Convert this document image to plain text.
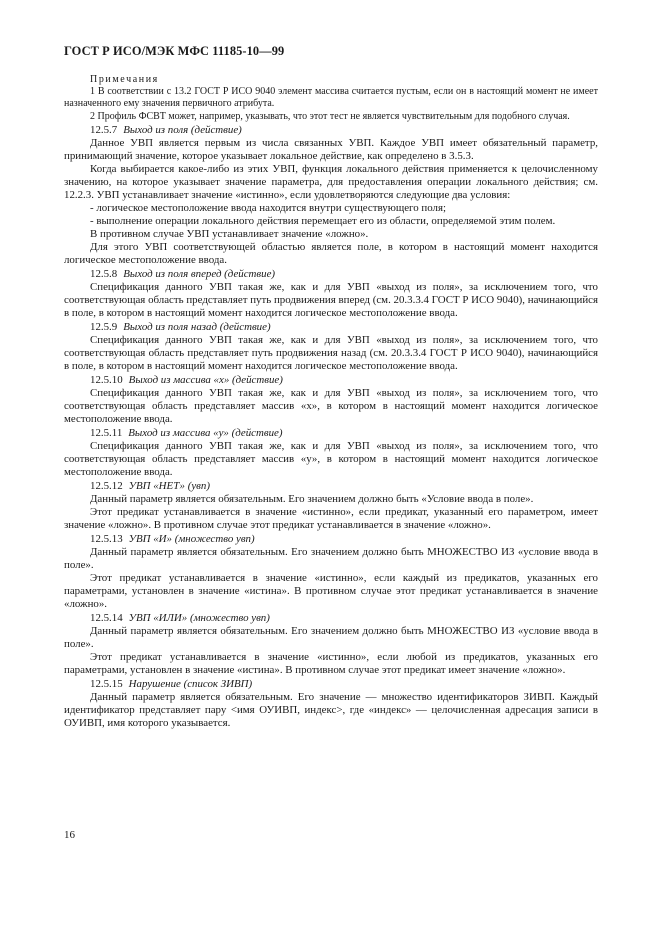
ГОСТ Р ИСО/МЭК МФС 11185-10—99

Примечания

1 В соответствии с 13.2 ГОСТ Р ИСО 9040 элемент массива считается пустым, если он в настоящий момент не имеет назначенного ему значения первичного атрибута.

2 Профиль ФСВТ может, например, указывать, что этот тест не является чувствительным для подобного случая.

12.5.7 Выход из поля (действие)

Данное УВП является первым из числа связанных УВП. Каждое УВП имеет обязательный параметр, принимающий значение, которое указывает локальное действие, как определено в 3.5.3.

Когда выбирается какое-либо из этих УВП, функция локального действия применяется к целочисленному значению, на которое указывает значение параметра, для предоставления операции локального действия; см. 12.2.3. УВП устанавливает значение «истинно», если удовлетворяются следующие два условия:

- логическое местоположение ввода находится внутри существующего поля;

- выполнение операции локального действия перемещает его из области, определяемой этим полем.

В противном случае УВП устанавливает значение «ложно».

Для этого УВП соответствующей областью является поле, в котором в настоящий момент находится логическое местоположение ввода.

12.5.8 Выход из поля вперед (действие)

Спецификация данного УВП такая же, как и для УВП «выход из поля», за исключением того, что соответствующая область представляет путь продвижения вперед (см. 20.3.3.4 ГОСТ Р ИСО 9040), начинающийся в поле, в котором в настоящий момент находится логическое местоположение ввода.

12.5.9 Выход из поля назад (действие)

Спецификация данного УВП такая же, как и для УВП «выход из поля», за исключением того, что соответствующая область представляет путь продвижения назад (см. 20.3.3.4 ГОСТ Р ИСО 9040), начинающийся в поле, в котором в настоящий момент находится логическое местоположение ввода.

12.5.10 Выход из массива «х» (действие)

Спецификация данного УВП такая же, как и для УВП «выход из поля», за исключением того, что соответствующая область представляет массив «х», в котором в настоящий момент находится логическое местоположение ввода.

12.5.11 Выход из массива «у» (действие)

Спецификация данного УВП такая же, как и для УВП «выход из поля», за исключением того, что соответствующая область представляет массив «у», в котором в настоящий момент находится логическое местоположение ввода.

12.5.12 УВП «НЕТ» (увп)

Данный параметр является обязательным. Его значением должно быть «Условие ввода в поле».

Этот предикат устанавливается в значение «истинно», если предикат, указанный его параметром, имеет значение «ложно». В противном случае этот предикат устанавливается в значение «ложно».

12.5.13 УВП «И» (множество увп)

Данный параметр является обязательным. Его значением должно быть МНОЖЕСТВО ИЗ «условие ввода в поле».

Этот предикат устанавливается в значение «истинно», если каждый из предикатов, указанных его параметрами, установлен в значение «истина». В противном случае этот предикат устанавливается в значение «ложно».

12.5.14 УВП «ИЛИ» (множество увп)

Данный параметр является обязательным. Его значением должно быть МНОЖЕСТВО ИЗ «условие ввода в поле».

Этот предикат устанавливается в значение «истинно», если любой из предикатов, указанных его параметрами, установлен в значение «истина». В противном случае этот предикат имеет значение «ложно».

12.5.15 Нарушение (список ЗИВП)

Данный параметр является обязательным. Его значение — множество идентификаторов ЗИВП. Каждый идентификатор представляет пару <имя ОУИВП, индекс>, где «индекс» — целочисленная адресация записи в ОУИВП, имя которого указывается.

16
